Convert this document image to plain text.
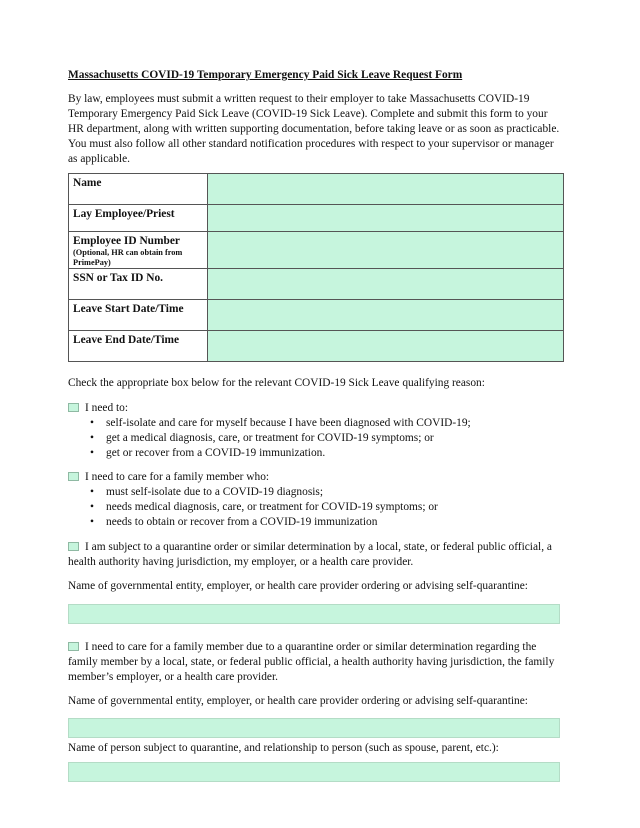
Massachusetts COVID-19 Temporary Emergency Paid Sick Leave Request Form

By law, employees must submit a written request to their employer to take Massachusetts COVID-19 Temporary Emergency Paid Sick Leave (COVID-19 Sick Leave). Complete and submit this form to your HR department, along with written supporting documentation, before taking leave or as soon as practicable. You must also follow all other standard notification procedures with respect to your supervisor or manager as applicable.

Name	
Lay Employee/Priest	
Employee ID Number
(Optional, HR can obtain from PrimePay)	

SSN or Tax ID No.	
Leave Start Date/Time	
Leave End Date/Time	

Check the appropriate box below for the relevant COVID-19 Sick Leave qualifying reason:

I need to:

• self-isolate and care for myself because I have been diagnosed with COVID-19;
• get a medical diagnosis, care, or treatment for COVID-19 symptoms; or
• get or recover from a COVID-19 immunization.

I need to care for a family member who:

• must self-isolate due to a COVID-19 diagnosis;
• needs medical diagnosis, care, or treatment for COVID-19 symptoms; or
• needs to obtain or recover from a COVID-19 immunization

I am subject to a quarantine order or similar determination by a local, state, or federal public official, a health authority having jurisdiction, my employer, or a health care provider.

Name of governmental entity, employer, or health care provider ordering or advising self-quarantine:

I need to care for a family member due to a quarantine order or similar determination regarding the family member by a local, state, or federal public official, a health authority having jurisdiction, the family member’s employer, or a health care provider.

Name of governmental entity, employer, or health care provider ordering or advising self-quarantine:

Name of person subject to quarantine, and relationship to person (such as spouse, parent, etc.):
